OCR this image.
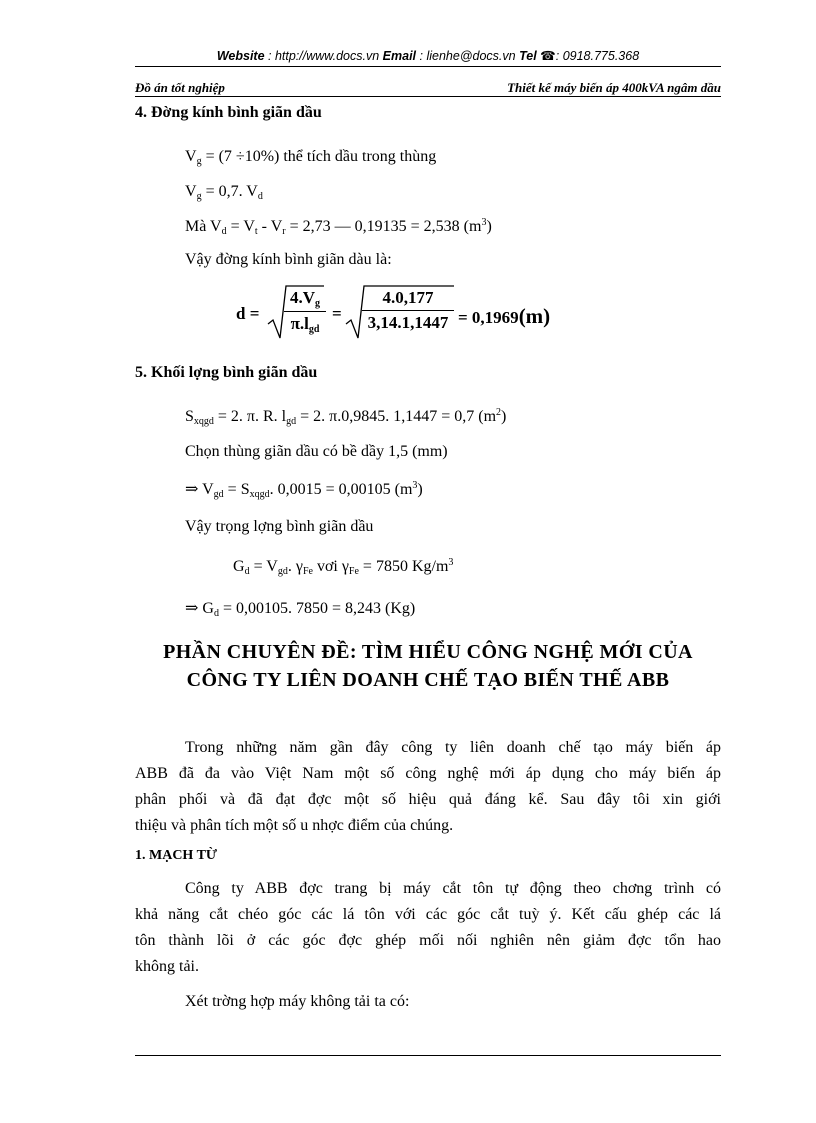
Website : http://www.docs.vn Email : lienhe@docs.vn Tel ☎: 0918.775.368
Đồ án tốt nghiệp	Thiết kế máy biến áp 400kVA ngâm dầu
4. Đờng kính bình giãn dầu
$V_g = (7 \div 10\%)$ thể tích dầu trong thùng
$V_g = 0,7$. $V_d$
Mà $V_d = V_t - V_r = 2,73$ — 0,19135 = 2,538 $(m^3)$
Vậy đờng kính bình giãn dàu là:
$d = \frac{4.V_g}{\pi.l_{gd}} = \frac{4.0,177}{3,14.1,1447} = 0,1969(m)$
5. Khối lợng bình giãn dầu
$S_{xqgd} = 2$. π. R. $l_{gd} = 2$. π.0,9845. 1,1447 = 0,7 $(m^2)$
Chọn thùng giãn dầu có bề dầy 1,5 (mm)
⇒ $V_{gd} = S_{xqgd}$. 0,0015 = 0,00105 $(m^3)$
Vậy trọng lợng bình giãn dầu
$G_d = V_{gd}$. $\gamma_{Fe}$ vơi $\gamma_{Fe} = 7850$ $Kg/m^3$
⇒ $G_d = 0,00105$. 7850 = 8,243 (Kg)
PHẦN CHUYÊN ĐỀ: TÌM HIỂU CÔNG NGHỆ MỚI CỦA
CÔNG TY LIÊN DOANH CHẾ TẠO BIẾN THẾ ABB
Trong những năm gần đây công ty liên doanh chế tạo máy biến áp
ABB đã đa vào Việt Nam một số công nghệ mới áp dụng cho máy biến áp
phân phối và đã đạt đợc một số hiệu quả đáng kể. Sau đây tôi xin giới
thiệu và phân tích một số u nhợc điểm của chúng.
1. MẠCH TỪ
Công ty ABB đợc trang bị máy cắt tôn tự động theo chơng trình có
khả năng cắt chéo góc các lá tôn với các góc cắt tuỳ ý. Kết cấu ghép các lá
tôn thành lõi ở các góc đợc ghép mối nối nghiên nên giảm đợc tổn hao
không tải.
Xét trờng hợp máy không tải ta có:
